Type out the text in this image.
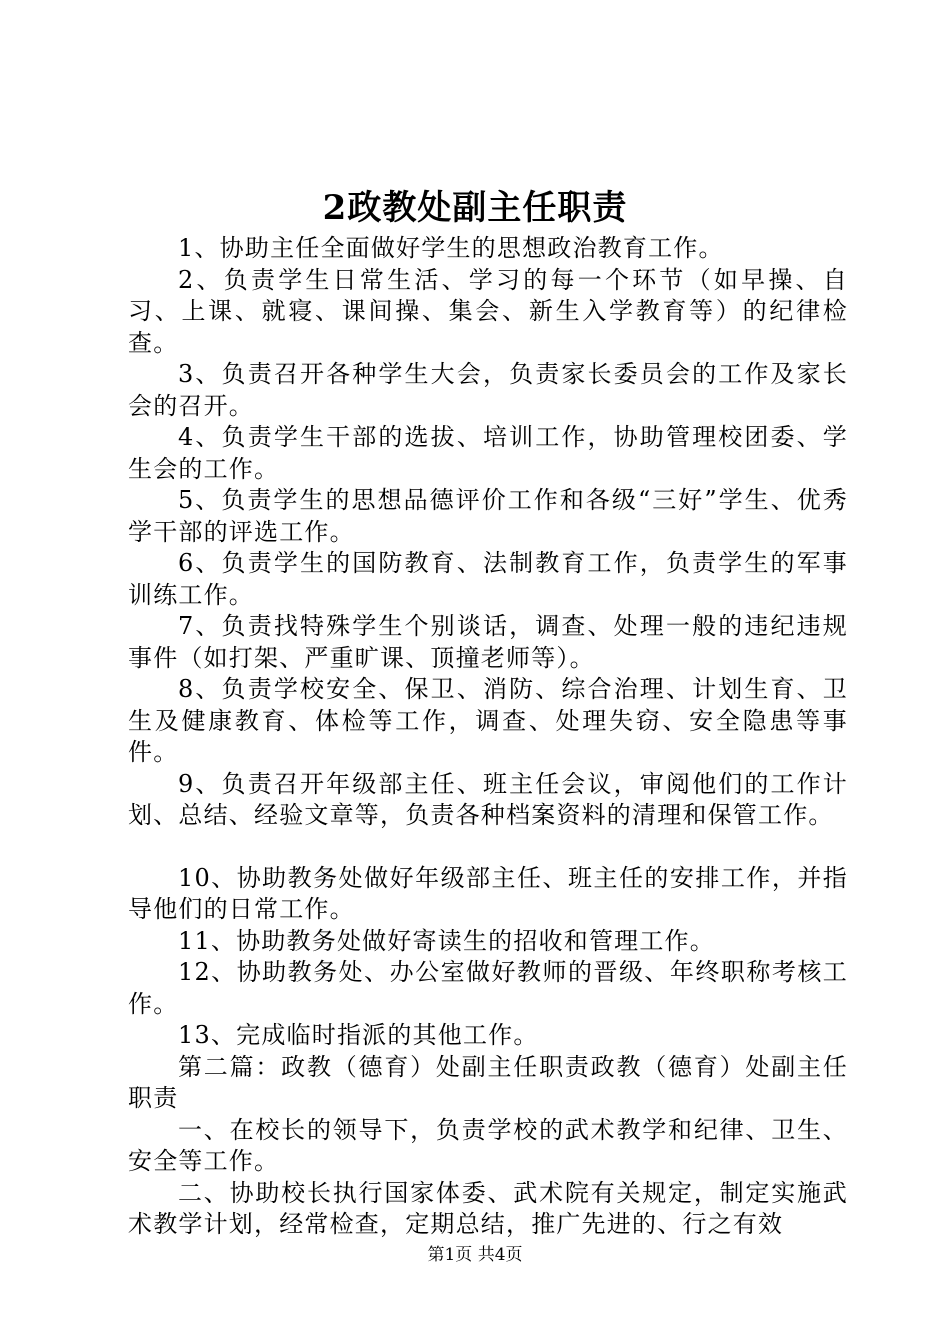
2政教处副主任职责

1、协助主任全面做好学生的思想政治教育工作。

2、负责学生日常生活、学习的每一个环节（如早操、自习、上课、就寝、课间操、集会、新生入学教育等）的纪律检查。

3、负责召开各种学生大会，负责家长委员会的工作及家长会的召开。

4、负责学生干部的选拔、培训工作，协助管理校团委、学生会的工作。

5、负责学生的思想品德评价工作和各级“三好”学生、优秀学干部的评选工作。

6、负责学生的国防教育、法制教育工作，负责学生的军事训练工作。

7、负责找特殊学生个别谈话，调查、处理一般的违纪违规事件（如打架、严重旷课、顶撞老师等）。

8、负责学校安全、保卫、消防、综合治理、计划生育、卫生及健康教育、体检等工作，调查、处理失窃、安全隐患等事件。

9、负责召开年级部主任、班主任会议，审阅他们的工作计划、总结、经验文章等，负责各种档案资料的清理和保管工作。

10、协助教务处做好年级部主任、班主任的安排工作，并指导他们的日常工作。

11、协助教务处做好寄读生的招收和管理工作。

12、协助教务处、办公室做好教师的晋级、年终职称考核工作。

13、完成临时指派的其他工作。

第二篇：政教（德育）处副主任职责政教（德育）处副主任职责

一、在校长的领导下，负责学校的武术教学和纪律、卫生、安全等工作。

二、协助校长执行国家体委、武术院有关规定，制定实施武术教学计划，经常检查，定期总结，推广先进的、行之有效

第1页 共4页
